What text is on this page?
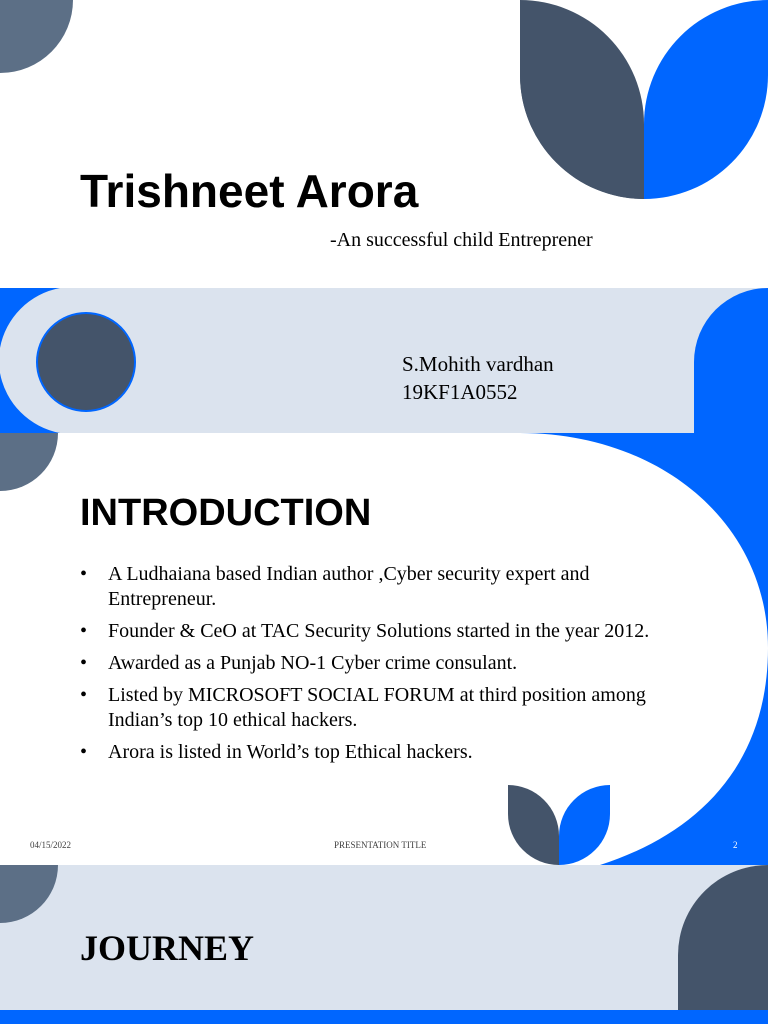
Trishneet Arora
-An successful child Entreprener
S.Mohith vardhan
19KF1A0552
INTRODUCTION
• A Ludhaiana based Indian author ,Cyber security expert and Entrepreneur.
• Founder & CeO at TAC Security Solutions started in the year 2012.
• Awarded as a Punjab NO-1 Cyber crime consulant.
• Listed by MICROSOFT SOCIAL FORUM at third position among Indian’s top 10 ethical hackers.
• Arora is listed in World’s top Ethical hackers.
04/15/2022	PRESENTATION TITLE	2
JOURNEY
